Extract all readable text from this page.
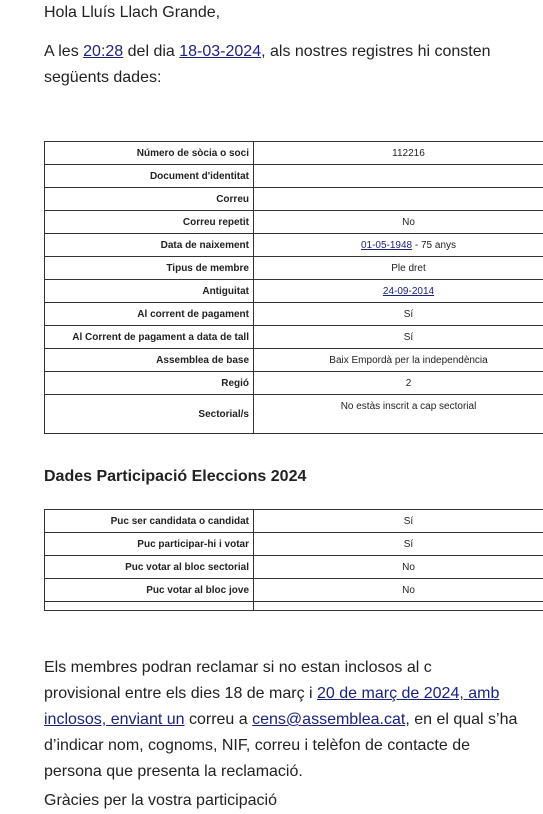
Hola Lluís Llach Grande,
A les 20:28 del dia 18-03-2024, als nostres registres hi consten
següents dades:
Número de sòcia o soci	112216
Document d'identitat	
Correu	
Correu repetit	No
Data de naixement	01-05-1948 - 75 anys
Tipus de membre	Ple dret
Antiguitat	24-09-2014
Al corrent de pagament	Sí
Al Corrent de pagament a data de tall	Sí
Assemblea de base	Baix Empordà per la independència
Regió	2
Sectorial/s	No estàs inscrit a cap sectorial
Dades Participació Eleccions 2024
Puc ser candidata o candidat	Sí
Puc participar-hi i votar	Sí
Puc votar al bloc sectorial	No
Puc votar al bloc jove	No

Els membres podran reclamar si no estan inclosos al c
provisional entre els dies 18 de març i 20 de març de 2024, amb
inclosos, enviant un correu a cens@assemblea.cat, en el qual s’ha
d’indicar nom, cognoms, NIF, correu i telèfon de contacte de
persona que presenta la reclamació.
Gràcies per la vostra participació
